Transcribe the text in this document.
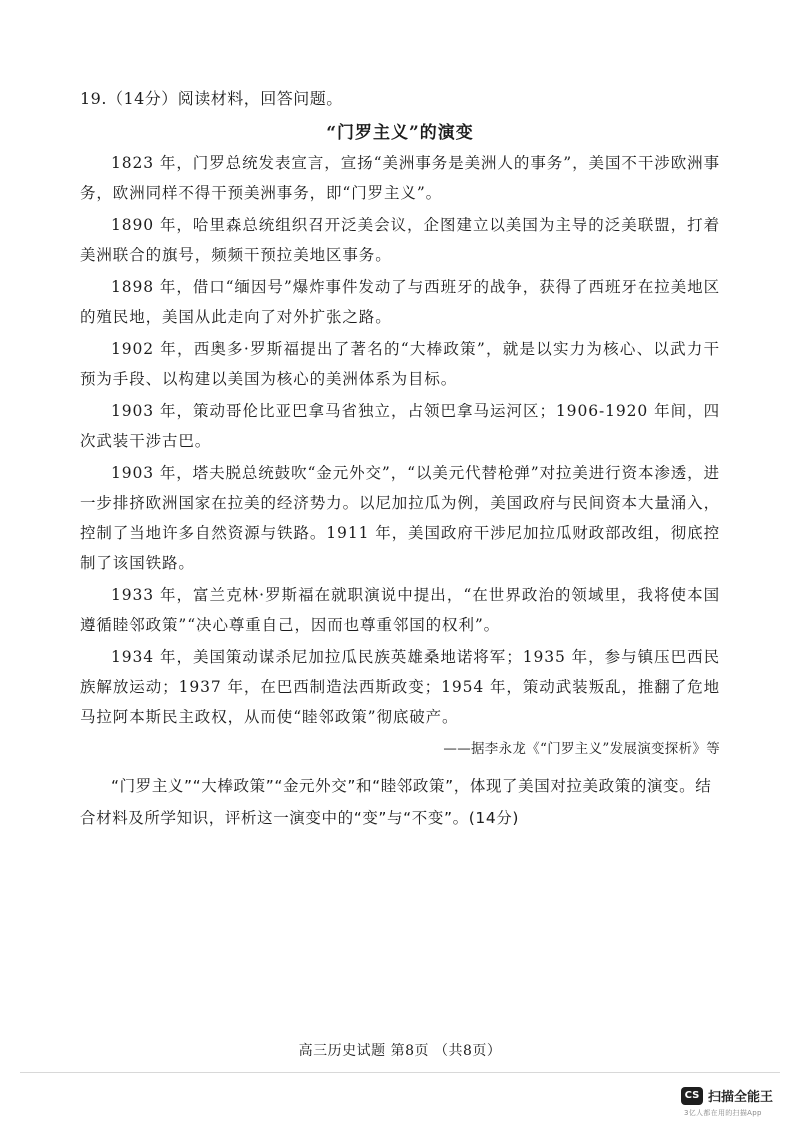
19.（14分）阅读材料，回答问题。
“门罗主义”的演变

1823 年，门罗总统发表宣言，宣扬“美洲事务是美洲人的事务”，美国不干涉欧洲事务，欧洲同样不得干预美洲事务，即“门罗主义”。

1890 年，哈里森总统组织召开泛美会议，企图建立以美国为主导的泛美联盟，打着美洲联合的旗号，频频干预拉美地区事务。

1898 年，借口“缅因号”爆炸事件发动了与西班牙的战争，获得了西班牙在拉美地区的殖民地，美国从此走向了对外扩张之路。

1902 年，西奥多·罗斯福提出了著名的“大棒政策”，就是以实力为核心、以武力干预为手段、以构建以美国为核心的美洲体系为目标。

1903 年，策动哥伦比亚巴拿马省独立，占领巴拿马运河区；1906-1920 年间，四次武装干涉古巴。

1903 年，塔夫脱总统鼓吹“金元外交”，“以美元代替枪弹”对拉美进行资本渗透，进一步排挤欧洲国家在拉美的经济势力。以尼加拉瓜为例，美国政府与民间资本大量涌入，控制了当地许多自然资源与铁路。1911 年，美国政府干涉尼加拉瓜财政部改组，彻底控制了该国铁路。

1933 年，富兰克林·罗斯福在就职演说中提出，“在世界政治的领域里，我将使本国遵循睦邻政策”“决心尊重自己，因而也尊重邻国的权利”。

1934 年，美国策动谋杀尼加拉瓜民族英雄桑地诺将军；1935 年，参与镇压巴西民族解放运动；1937 年，在巴西制造法西斯政变；1954 年，策动武装叛乱，推翻了危地马拉阿本斯民主政权，从而使“睦邻政策”彻底破产。

——据李永龙《“门罗主义”发展演变探析》等

“门罗主义”“大棒政策”“金元外交”和“睦邻政策”，体现了美国对拉美政策的演变。结合材料及所学知识，评析这一演变中的“变”与“不变”。(14分)

高三历史试题 第8页 （共8页）
CS 扫描全能王
3亿人都在用的扫描App
